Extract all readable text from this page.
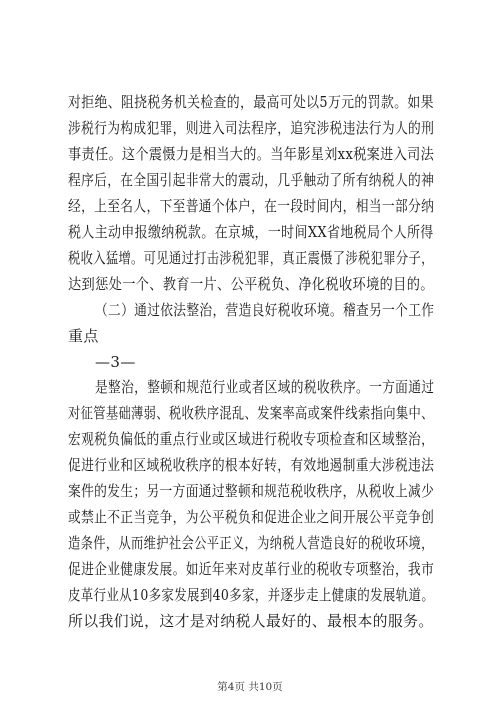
对拒绝、阻挠税务机关检查的，最高可处以5万元的罚款。如果
涉税行为构成犯罪，则进入司法程序，追究涉税违法行为人的刑
事责任。这个震慑力是相当大的。当年影星刘xx税案进入司法
程序后，在全国引起非常大的震动，几乎触动了所有纳税人的神
经，上至名人，下至普通个体户，在一段时间内，相当一部分纳
税人主动申报缴纳税款。在京城，一时间XX省地税局个人所得
税收入猛增。可见通过打击涉税犯罪，真正震慑了涉税犯罪分子，
达到惩处一个、教育一片、公平税负、净化税收环境的目的。
（二）通过依法整治，营造良好税收环境。稽查另一个工作
重点
—3—
是整治，整顿和规范行业或者区域的税收秩序。一方面通过
对征管基础薄弱、税收秩序混乱、发案率高或案件线索指向集中、
宏观税负偏低的重点行业或区域进行税收专项检查和区域整治，
促进行业和区域税收秩序的根本好转，有效地遏制重大涉税违法
案件的发生；另一方面通过整顿和规范税收秩序，从税收上减少
或禁止不正当竞争，为公平税负和促进企业之间开展公平竞争创
造条件，从而维护社会公平正义，为纳税人营造良好的税收环境，
促进企业健康发展。如近年来对皮革行业的税收专项整治，我市
皮革行业从10多家发展到40多家，并逐步走上健康的发展轨道。
所以我们说，这才是对纳税人最好的、最根本的服务。
第4页 共10页
